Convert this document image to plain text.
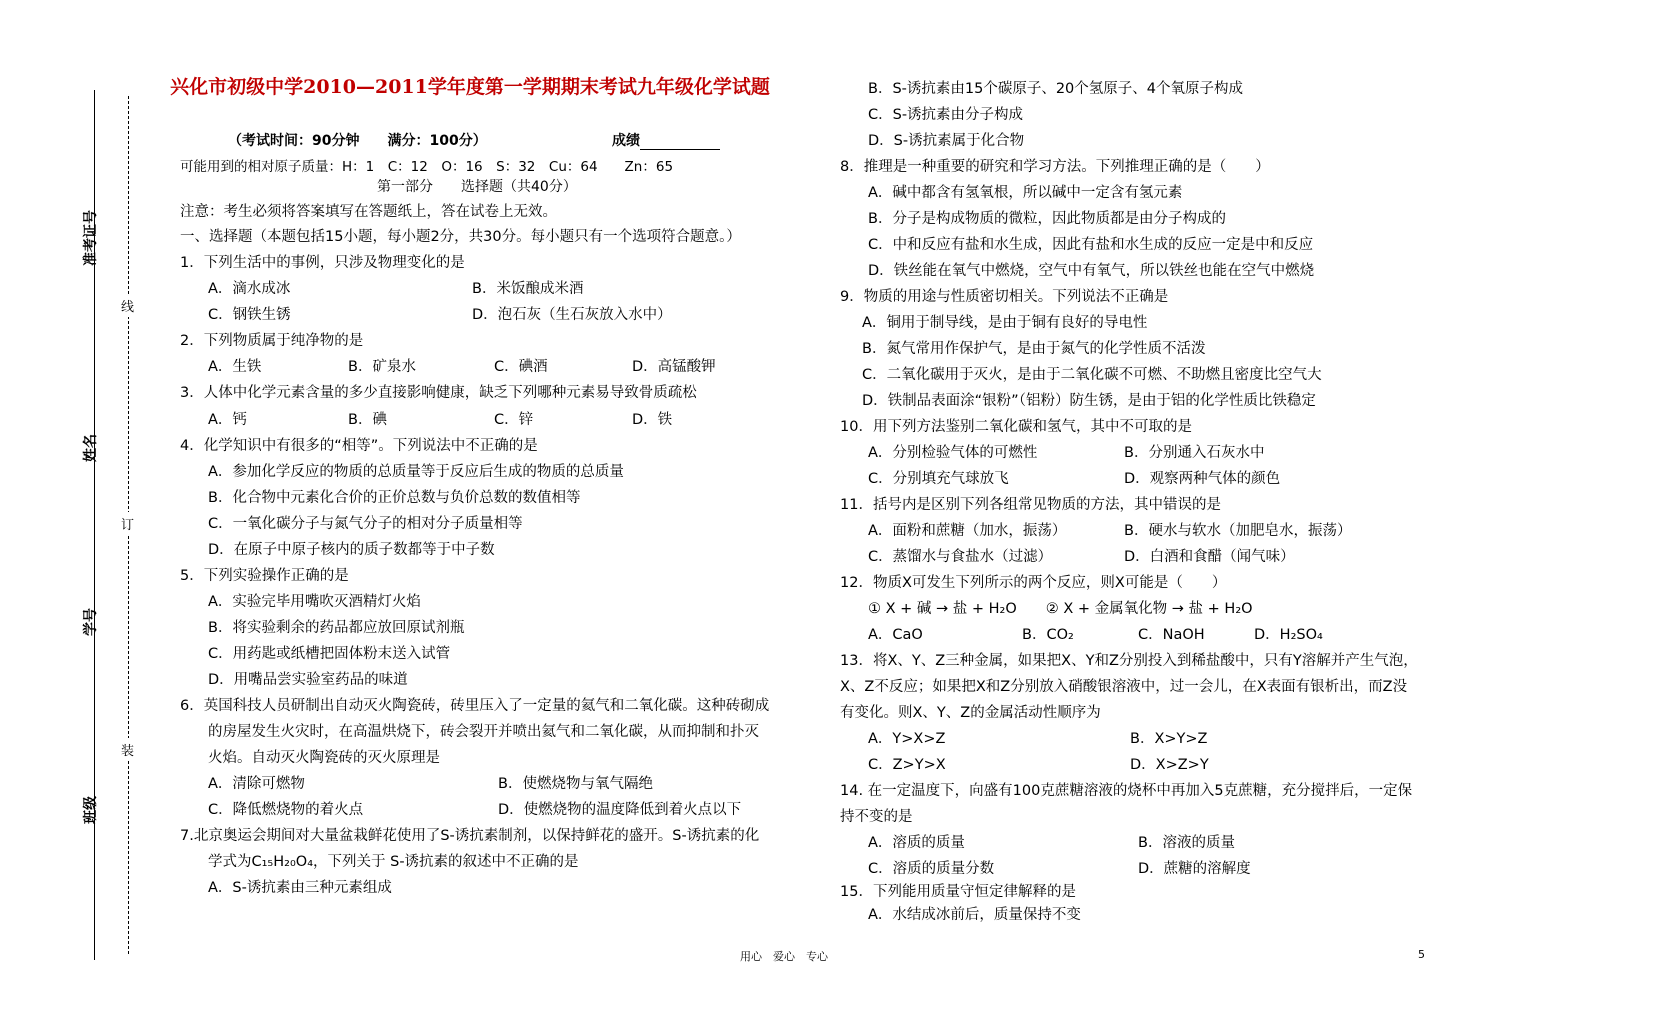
准考证号
姓名
学号
班级
线
订
装
兴化市初级中学2010—2011学年度第一学期期末考试九年级化学试题
（考试时间：90分钟　　满分：100分）	成绩
可能用到的相对原子质量：H：1　C：12　O：16　S：32　Cu：64　　Zn：65
第一部分　　选择题（共40分）
注意：考生必须将答案填写在答题纸上，答在试卷上无效。
一、选择题（本题包括15小题，每小题2分，共30分。每小题只有一个选项符合题意。）
1．下列生活中的事例，只涉及物理变化的是
A．滴水成冰	B．米饭酿成米酒
C．钢铁生锈	D．泡石灰（生石灰放入水中）
2．下列物质属于纯净物的是
A．生铁	B．矿泉水	C．碘酒	D．高锰酸钾
3．人体中化学元素含量的多少直接影响健康，缺乏下列哪种元素易导致骨质疏松
A．钙	B．碘	C．锌	D．铁
4．化学知识中有很多的“相等”。下列说法中不正确的是
A．参加化学反应的物质的总质量等于反应后生成的物质的总质量
B．化合物中元素化合价的正价总数与负价总数的数值相等
C．一氧化碳分子与氮气分子的相对分子质量相等
D．在原子中原子核内的质子数都等于中子数
5．下列实验操作正确的是
A．实验完毕用嘴吹灭酒精灯火焰
B．将实验剩余的药品都应放回原试剂瓶
C．用药匙或纸槽把固体粉末送入试管
D．用嘴品尝实验室药品的味道
6．英国科技人员研制出自动灭火陶瓷砖，砖里压入了一定量的氦气和二氧化碳。这种砖砌成
的房屋发生火灾时，在高温烘烧下，砖会裂开并喷出氦气和二氧化碳，从而抑制和扑灭
火焰。自动灭火陶瓷砖的灭火原理是
A．清除可燃物	B．使燃烧物与氧气隔绝
C．降低燃烧物的着火点	D．使燃烧物的温度降低到着火点以下
7.北京奥运会期间对大量盆栽鲜花使用了S-诱抗素制剂，以保持鲜花的盛开。S-诱抗素的化
学式为C₁₅H₂₀O₄，下列关于 S-诱抗素的叙述中不正确的是
A．S-诱抗素由三种元素组成
B．S-诱抗素由15个碳原子、20个氢原子、4个氧原子构成
C．S-诱抗素由分子构成
D．S-诱抗素属于化合物
8．推理是一种重要的研究和学习方法。下列推理正确的是（　　）
A．碱中都含有氢氧根，所以碱中一定含有氢元素
B．分子是构成物质的微粒，因此物质都是由分子构成的
C．中和反应有盐和水生成，因此有盐和水生成的反应一定是中和反应
D．铁丝能在氧气中燃烧，空气中有氧气，所以铁丝也能在空气中燃烧
9．物质的用途与性质密切相关。下列说法不正确是
A．铜用于制导线，是由于铜有良好的导电性
B．氮气常用作保护气，是由于氮气的化学性质不活泼
C．二氧化碳用于灭火，是由于二氧化碳不可燃、不助燃且密度比空气大
D．铁制品表面涂“银粉”（铝粉）防生锈，是由于铝的化学性质比铁稳定
10．用下列方法鉴别二氧化碳和氢气，其中不可取的是
A．分别检验气体的可燃性	B．分别通入石灰水中
C．分别填充气球放飞	D．观察两种气体的颜色
11．括号内是区别下列各组常见物质的方法，其中错误的是
A．面粉和蔗糖（加水，振荡）	B．硬水与软水（加肥皂水，振荡）
C．蒸馏水与食盐水（过滤）	D．白酒和食醋（闻气味）
12．物质X可发生下列所示的两个反应，则X可能是（　　）
① X + 碱 → 盐 + H₂O　　② X + 金属氧化物 → 盐 + H₂O
A．CaO	B．CO₂	C．NaOH	D．H₂SO₄
13．将X、Y、Z三种金属，如果把X、Y和Z分别投入到稀盐酸中，只有Y溶解并产生气泡，
X、Z不反应；如果把X和Z分别放入硝酸银溶液中，过一会儿，在X表面有银析出，而Z没
有变化。则X、Y、Z的金属活动性顺序为
A．Y>X>Z	B．X>Y>Z
C．Z>Y>X	D．X>Z>Y
14. 在一定温度下，向盛有100克蔗糖溶液的烧杯中再加入5克蔗糖，充分搅拌后，一定保
持不变的是
A．溶质的质量	B．溶液的质量
C．溶质的质量分数	D．蔗糖的溶解度
15．下列能用质量守恒定律解释的是
A．水结成冰前后，质量保持不变
用心　爱心　专心	5
